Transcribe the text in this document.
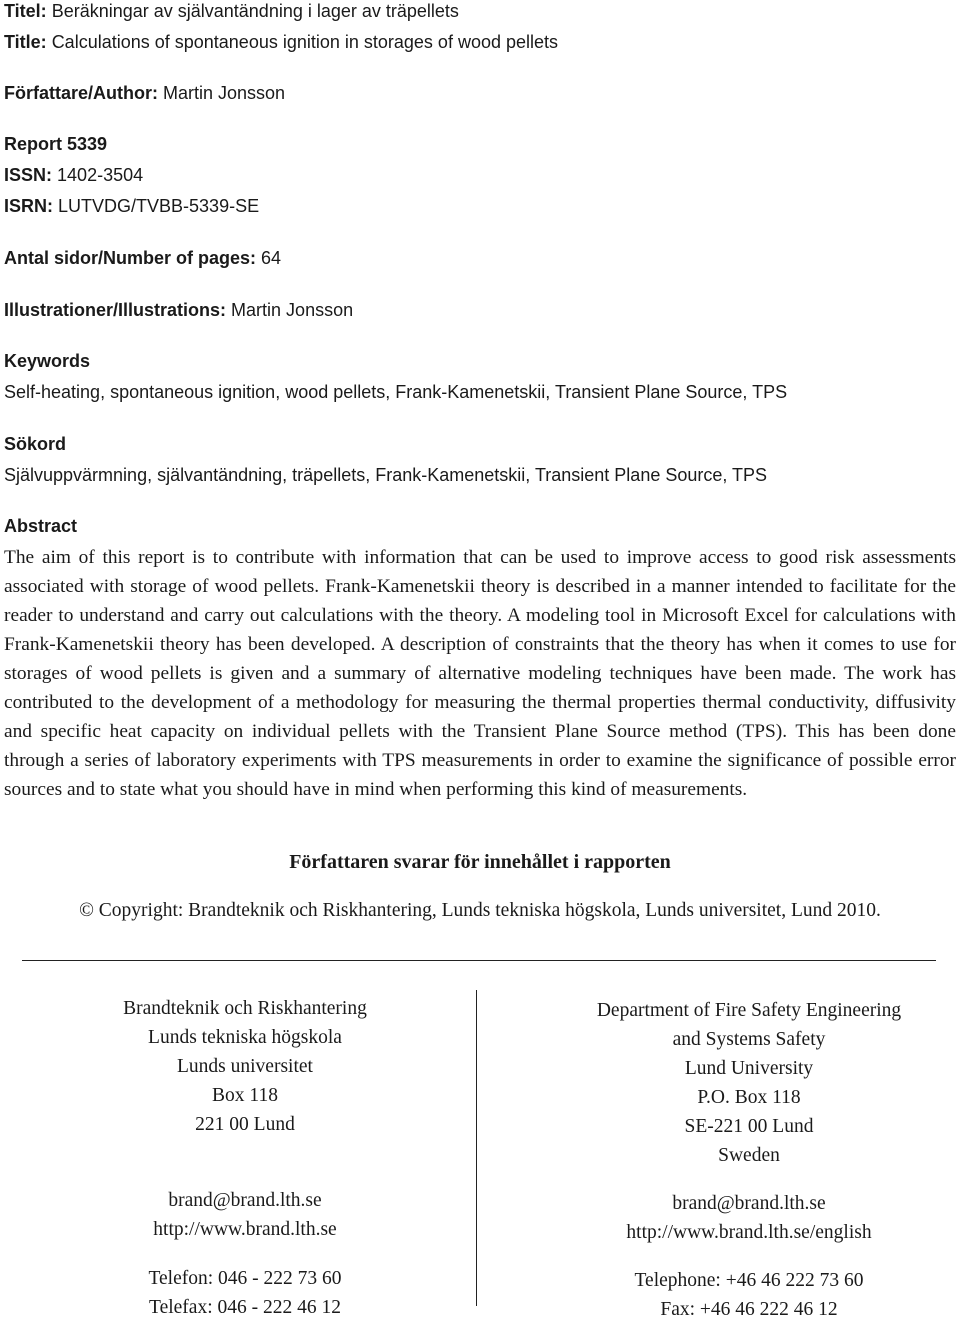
Titel: Beräkningar av självantändning i lager av träpellets
Title: Calculations of spontaneous ignition in storages of wood pellets
Författare/Author: Martin Jonsson
Report 5339
ISSN: 1402-3504
ISRN: LUTVDG/TVBB-5339-SE
Antal sidor/Number of pages: 64
Illustrationer/Illustrations: Martin Jonsson
Keywords
Self-heating, spontaneous ignition, wood pellets, Frank-Kamenetskii, Transient Plane Source, TPS
Sökord
Självuppvärmning, självantändning, träpellets, Frank-Kamenetskii, Transient Plane Source, TPS
Abstract

The aim of this report is to contribute with information that can be used to improve access to good risk assessments associated with storage of wood pellets. Frank-Kamenetskii theory is described in a manner intended to facilitate for the reader to understand and carry out calculations with the theory. A modeling tool in Microsoft Excel for calculations with Frank-Kamenetskii theory has been developed. A description of constraints that the theory has when it comes to use for storages of wood pellets is given and a summary of alternative modeling techniques have been made. The work has contributed to the development of a methodology for measuring the thermal properties thermal conductivity, diffusivity and specific heat capacity on individual pellets with the Transient Plane Source method (TPS). This has been done through a series of laboratory experiments with TPS measurements in order to examine the significance of possible error sources and to state what you should have in mind when performing this kind of measurements.

Författaren svarar för innehållet i rapporten
© Copyright: Brandteknik och Riskhantering, Lunds tekniska högskola, Lunds universitet, Lund 2010.
Brandteknik och Riskhantering
Lunds tekniska högskola
Lunds universitet
Box 118
221 00 Lund
brand@brand.lth.se
http://www.brand.lth.se
Telefon: 046 - 222 73 60
Telefax: 046 - 222 46 12
Department of Fire Safety Engineering
and Systems Safety
Lund University
P.O. Box 118
SE-221 00 Lund
Sweden
brand@brand.lth.se
http://www.brand.lth.se/english
Telephone: +46 46 222 73 60
Fax: +46 46 222 46 12
